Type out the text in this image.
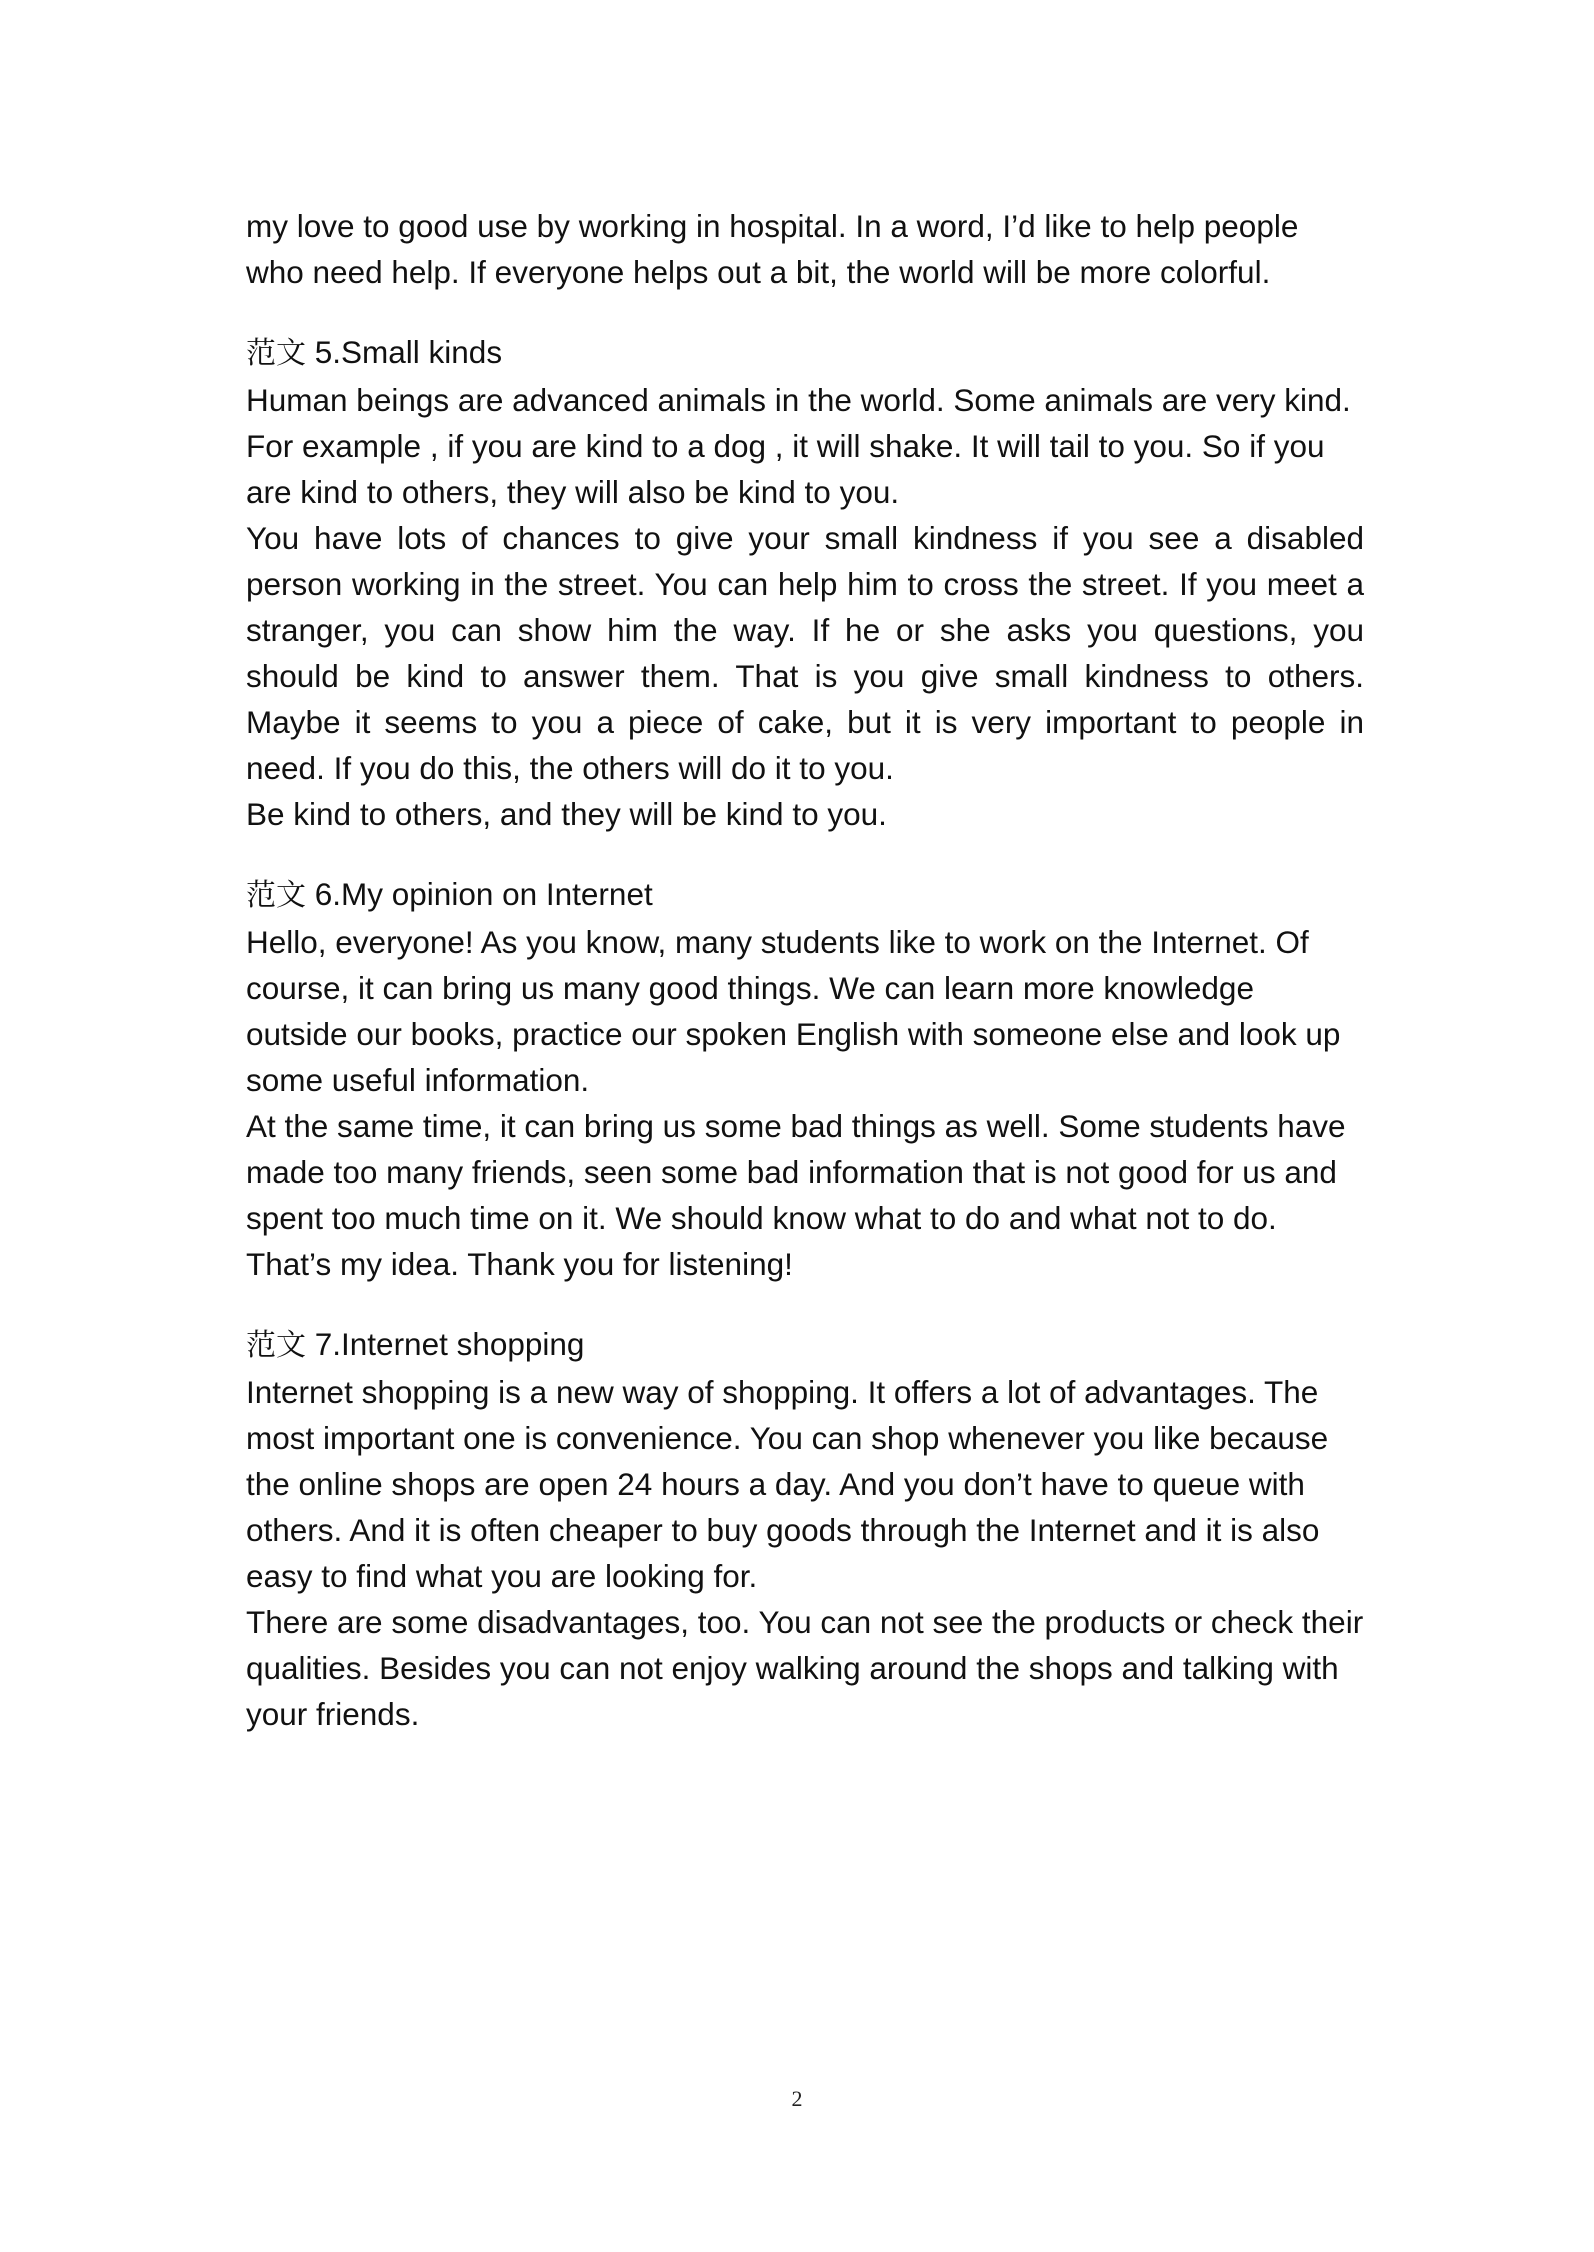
my love to good use by working in hospital. In a word, I’d like to help people who need help. If everyone helps out a bit, the world will be more colorful.

范文 5.Small kinds

Human beings are advanced animals in the world. Some animals are very kind. For example , if you are kind to a dog , it will shake. It will tail to you. So if you are kind to others, they will also be kind to you.

You have lots of chances to give your small kindness if you see a disabled person working in the street. You can help him to cross the street. If you meet a stranger, you can show him the way. If he or she asks you questions, you should be kind to answer them. That is you give small kindness to others. Maybe it seems to you a piece of cake, but it is very important to people in need. If you do this, the others will do it to you.

Be kind to others, and they will be kind to you.

范文 6.My opinion on Internet

Hello, everyone! As you know, many students like to work on the Internet. Of course, it can bring us many good things. We can learn more knowledge outside our books, practice our spoken English with someone else and look up some useful information.

At the same time, it can bring us some bad things as well. Some students have made too many friends, seen some bad information that is not good for us and spent too much time on it. We should know what to do and what not to do.

That’s my idea. Thank you for listening!

范文 7.Internet shopping

Internet shopping is a new way of shopping. It offers a lot of advantages. The most important one is convenience. You can shop whenever you like because the online shops are open 24 hours a day. And you don’t have to queue with others. And it is often cheaper to buy goods through the Internet and it is also easy to find what you are looking for.

There are some disadvantages, too. You can not see the products or check their qualities. Besides you can not enjoy walking around the shops and talking with your friends.

2
